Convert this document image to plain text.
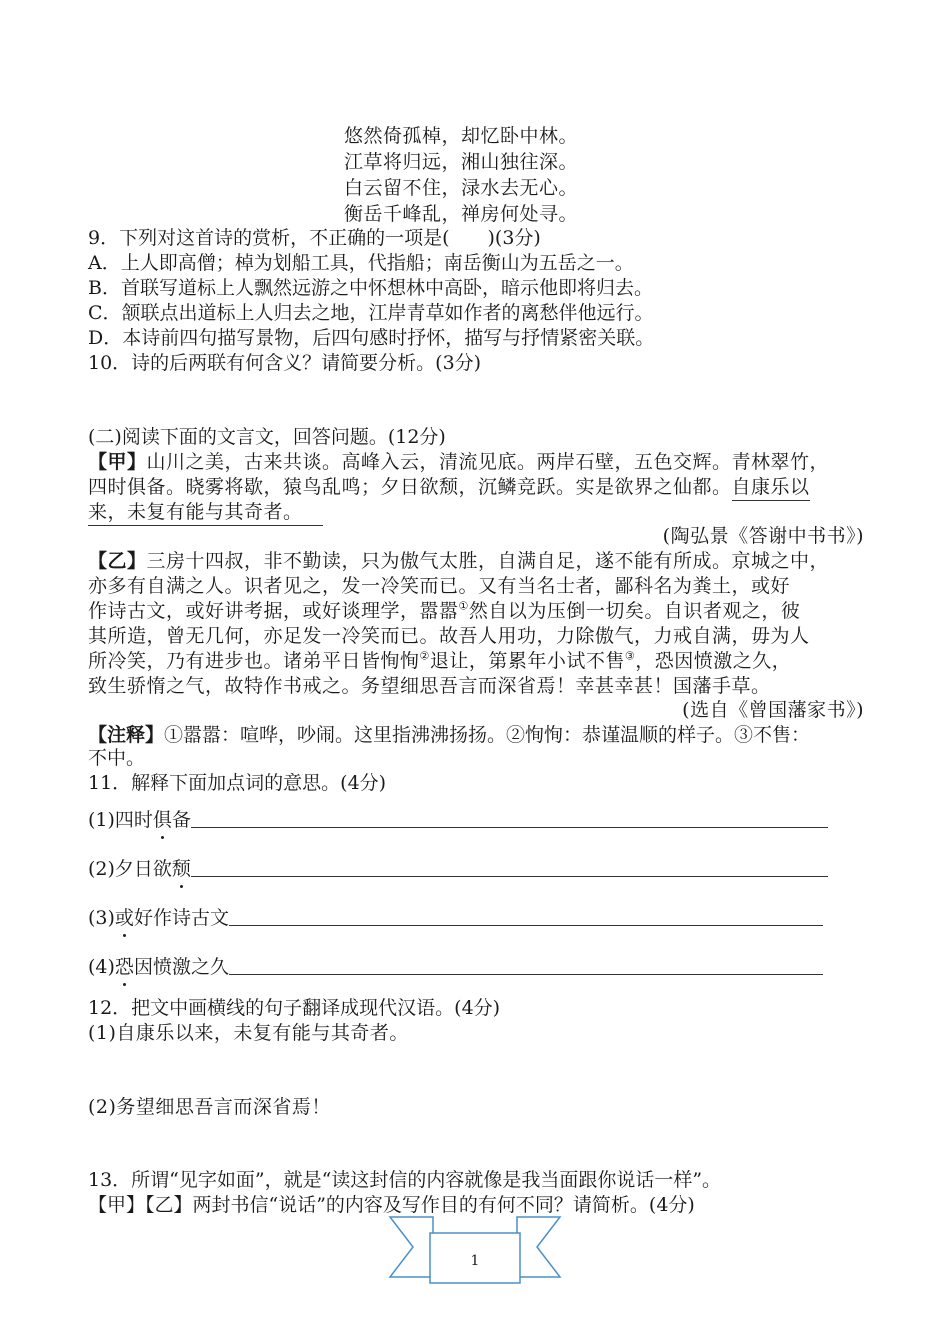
悠然倚孤棹，却忆卧中林。
江草将归远，湘山独往深。
白云留不住，渌水去无心。
衡岳千峰乱，禅房何处寻。
9．下列对这首诗的赏析，不正确的一项是(　　)(3分)
A．上人即高僧；棹为划船工具，代指船；南岳衡山为五岳之一。
B．首联写道标上人飘然远游之中怀想林中高卧，暗示他即将归去。
C．颔联点出道标上人归去之地，江岸青草如作者的离愁伴他远行。
D．本诗前四句描写景物，后四句感时抒怀，描写与抒情紧密关联。
10．诗的后两联有何含义？请简要分析。(3分)
(二)阅读下面的文言文，回答问题。(12分)
【甲】山川之美，古来共谈。高峰入云，清流见底。两岸石壁，五色交辉。青林翠竹，
四时俱备。晓雾将歇，猿鸟乱鸣；夕日欲颓，沉鳞竞跃。实是欲界之仙都。自康乐以
来，未复有能与其奇者。
(陶弘景《答谢中书书》)
【乙】三房十四叔，非不勤读，只为傲气太胜，自满自足，遂不能有所成。京城之中，
亦多有自满之人。识者见之，发一冷笑而已。又有当名士者，鄙科名为粪土，或好
作诗古文，或好讲考据，或好谈理学，嚣嚣①然自以为压倒一切矣。自识者观之，彼
其所造，曾无几何，亦足发一冷笑而已。故吾人用功，力除傲气，力戒自满，毋为人
所冷笑，乃有进步也。诸弟平日皆恂恂②退让，第累年小试不售③，恐因愤激之久，
致生骄惰之气，故特作书戒之。务望细思吾言而深省焉！幸甚幸甚！国藩手草。
(选自《曾国藩家书》)
【注释】①嚣嚣：喧哗，吵闹。这里指沸沸扬扬。②恂恂：恭谨温顺的样子。③不售：
不中。
11．解释下面加点词的意思。(4分)
(1)四时俱备
(2)夕日欲颓
(3)或好作诗古文
(4)恐因愤激之久
12．把文中画横线的句子翻译成现代汉语。(4分)
(1)自康乐以来，未复有能与其奇者。
(2)务望细思吾言而深省焉！
13．所谓“见字如面”，就是“读这封信的内容就像是我当面跟你说话一样”。
【甲】【乙】两封书信“说话”的内容及写作目的有何不同？请简析。(4分)
1
